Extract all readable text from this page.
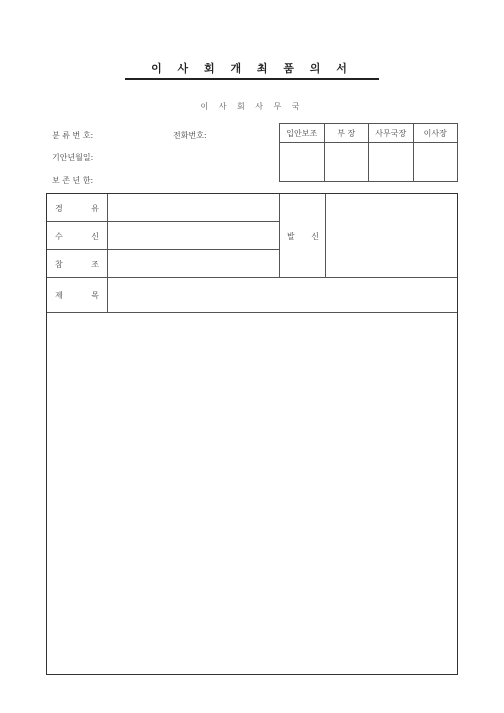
이 사 회 개 최 품 의 서
이 사 회 사 무 국
분 류 번 호:	전화번호:
기안년월일:
보 존 년 한:
입안보조	부 장	사무국장	이사장

경	유
수	신
참	조
발 신
제	목
